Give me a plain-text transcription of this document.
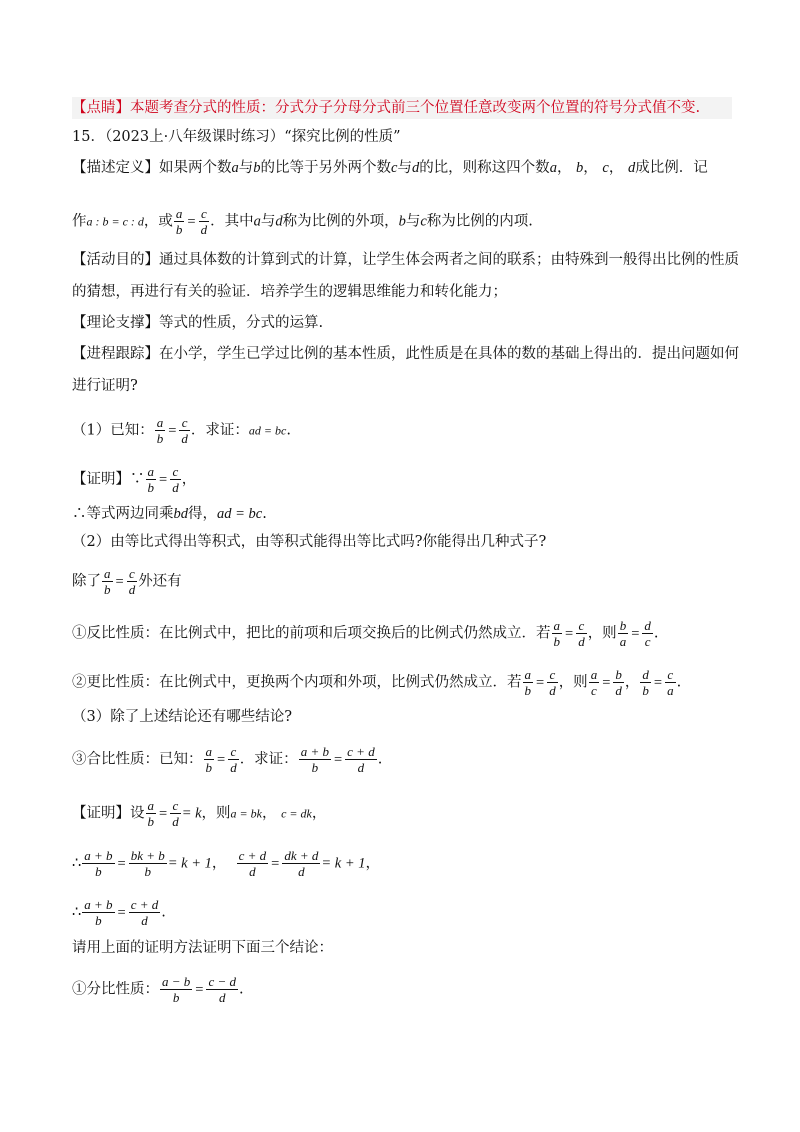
【点睛】本题考查分式的性质：分式分子分母分式前三个位置任意改变两个位置的符号分式值不变.
15．（2023上·八年级课时练习）“探究比例的性质”
【描述定义】如果两个数a与b的比等于另外两个数c与d的比，则称这四个数a， b， c， d成比例．记
作a : b = c : d，或 $\frac{a}{b} = \frac{c}{d}$ ．其中a与d称为比例的外项，b与c称为比例的内项.
【活动目的】通过具体数的计算到式的计算，让学生体会两者之间的联系；由特殊到一般得出比例的性质
的猜想，再进行有关的验证．培养学生的逻辑思维能力和转化能力；
【理论支撑】等式的性质，分式的运算.
【进程跟踪】在小学，学生已学过比例的基本性质，此性质是在具体的数的基础上得出的．提出问题如何
进行证明?
（1）已知： $\frac{a}{b} = \frac{c}{d}$ ．求证：ad = bc.
【证明】∵ $\frac{a}{b} = \frac{c}{d}$ ，
∴等式两边同乘bd得，ad = bc.
（2）由等比式得出等积式，由等积式能得出等比式吗?你能得出几种式子?
除了 $\frac{a}{b} = \frac{c}{d}$ 外还有
①反比性质：在比例式中，把比的前项和后项交换后的比例式仍然成立．若 $\frac{a}{b} = \frac{c}{d}$ ，则 $\frac{b}{a} = \frac{d}{c}$ .
②更比性质：在比例式中，更换两个内项和外项，比例式仍然成立．若 $\frac{a}{b} = \frac{c}{d}$ ，则 $\frac{a}{c} = \frac{b}{d}$ ， $\frac{d}{b} = \frac{c}{a}$ .
（3）除了上述结论还有哪些结论?
③合比性质：已知： $\frac{a}{b} = \frac{c}{d}$ ．求证： $\frac{a + b}{b} = \frac{c + d}{d}$ .
【证明】设 $\frac{a}{b} = \frac{c}{d} = k$，则a = bk， c = dk，
∴ $\frac{a + b}{b} = \frac{bk + b}{b} = k + 1$， $\frac{c + d}{d} = \frac{dk + d}{d} = k + 1$，
∴ $\frac{a + b}{b} = \frac{c + d}{d}$ .
请用上面的证明方法证明下面三个结论：
①分比性质： $\frac{a - b}{b} = \frac{c - d}{d}$ .
